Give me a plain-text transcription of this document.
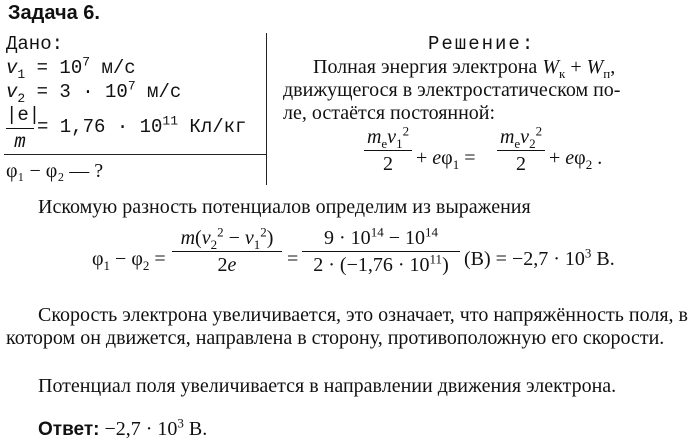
Задача 6.
Дано:
$v_1 = 10^7$ м/с
$v_2 = 3 \cdot 10^7$ м/с
|e|
m
= $1,76 \cdot 10^{11}$ Кл/кг
φ₁ − φ₂ — ?
Решение:
Полная энергия электрона $W_к + W_п$,
движущегося в электростатическом по-
ле, остаётся постоянной:
$m_ev_1^2$
2	+ $e\varphi_1$ =
$m_ev_2^2$
2	+ $e\varphi_2$ .
Искомую разность потенциалов определим из выражения
$\varphi_1 - \varphi_2$ =
$m(v_2^2 - v_1^2)$
2e	=
$9 \cdot 10^{14} - 10^{14}$
$2 \cdot (-1,76 \cdot 10^{11})$ $(В) = -2,7 \cdot 10^3$ В.
Скорость электрона увеличивается, это означает, что напряжённость поля, в котором он движется, направлена в сторону, противоположную его скорости.
Потенциал поля увеличивается в направлении движения электрона.
Ответ: $-2,7 \cdot 10^3$ В.
